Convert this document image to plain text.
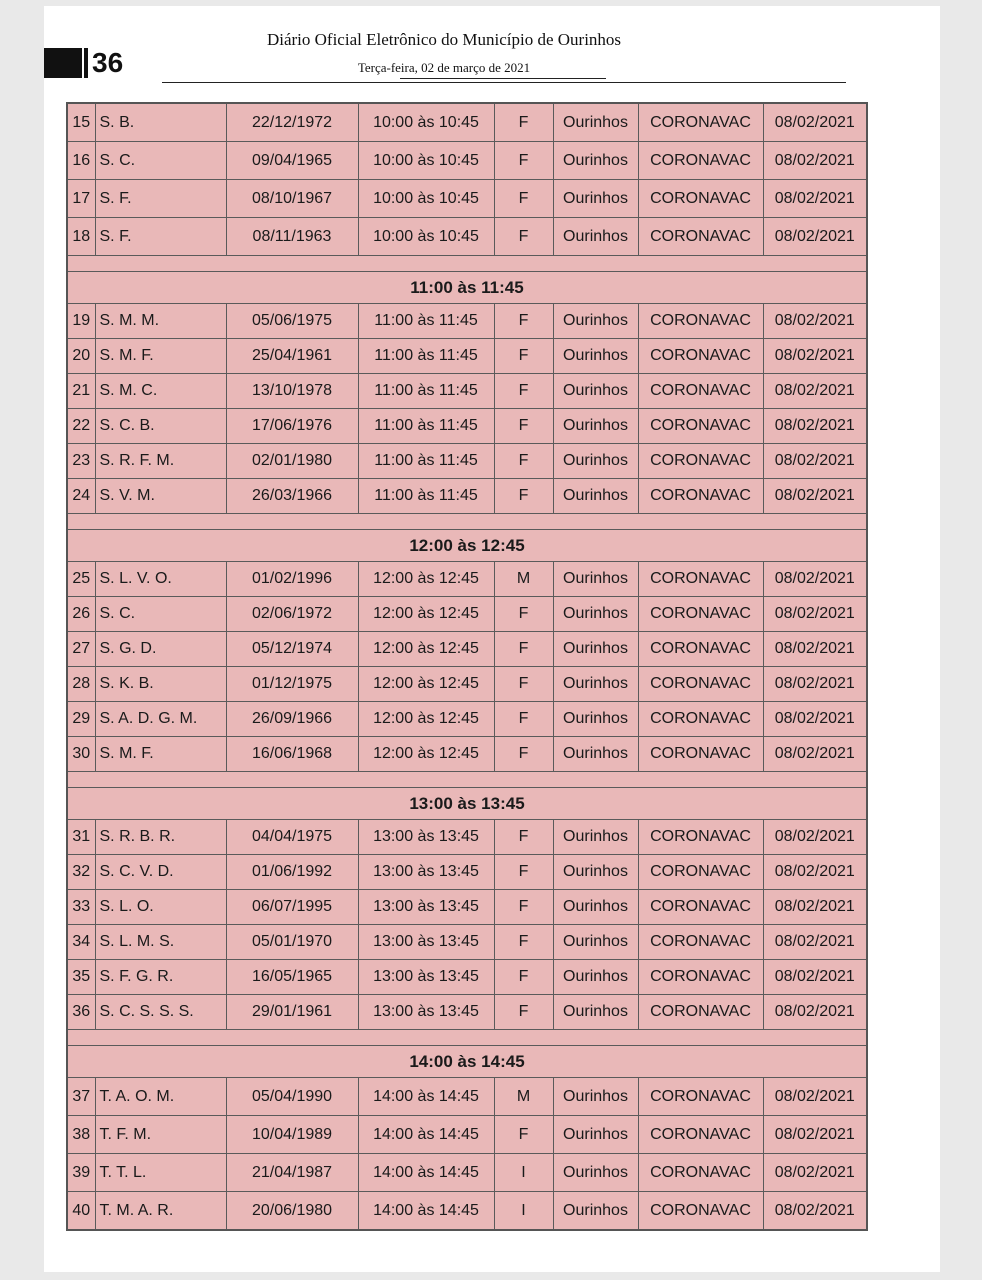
36
Diário Oficial Eletrônico do Município de Ourinhos
Terça-feira, 02 de março de 2021
15	S. B.	22/12/1972	10:00 às 10:45	F	Ourinhos	CORONAVAC	08/02/2021
16	S. C.	09/04/1965	10:00 às 10:45	F	Ourinhos	CORONAVAC	08/02/2021
17	S. F.	08/10/1967	10:00 às 10:45	F	Ourinhos	CORONAVAC	08/02/2021
18	S. F.	08/11/1963	10:00 às 10:45	F	Ourinhos	CORONAVAC	08/02/2021

11:00 às 11:45							
19	S. M. M.	05/06/1975	11:00 às 11:45	F	Ourinhos	CORONAVAC	08/02/2021
20	S. M. F.	25/04/1961	11:00 às 11:45	F	Ourinhos	CORONAVAC	08/02/2021
21	S. M. C.	13/10/1978	11:00 às 11:45	F	Ourinhos	CORONAVAC	08/02/2021
22	S. C. B.	17/06/1976	11:00 às 11:45	F	Ourinhos	CORONAVAC	08/02/2021
23	S. R. F. M.	02/01/1980	11:00 às 11:45	F	Ourinhos	CORONAVAC	08/02/2021
24	S. V. M.	26/03/1966	11:00 às 11:45	F	Ourinhos	CORONAVAC	08/02/2021

12:00 às 12:45							
25	S. L. V. O.	01/02/1996	12:00 às 12:45	M	Ourinhos	CORONAVAC	08/02/2021
26	S. C.	02/06/1972	12:00 às 12:45	F	Ourinhos	CORONAVAC	08/02/2021
27	S. G. D.	05/12/1974	12:00 às 12:45	F	Ourinhos	CORONAVAC	08/02/2021
28	S. K. B.	01/12/1975	12:00 às 12:45	F	Ourinhos	CORONAVAC	08/02/2021
29	S. A. D. G. M.	26/09/1966	12:00 às 12:45	F	Ourinhos	CORONAVAC	08/02/2021
30	S. M. F.	16/06/1968	12:00 às 12:45	F	Ourinhos	CORONAVAC	08/02/2021

13:00 às 13:45							
31	S. R. B. R.	04/04/1975	13:00 às 13:45	F	Ourinhos	CORONAVAC	08/02/2021
32	S. C. V. D.	01/06/1992	13:00 às 13:45	F	Ourinhos	CORONAVAC	08/02/2021
33	S. L. O.	06/07/1995	13:00 às 13:45	F	Ourinhos	CORONAVAC	08/02/2021
34	S. L. M. S.	05/01/1970	13:00 às 13:45	F	Ourinhos	CORONAVAC	08/02/2021
35	S. F. G. R.	16/05/1965	13:00 às 13:45	F	Ourinhos	CORONAVAC	08/02/2021
36	S. C. S. S. S.	29/01/1961	13:00 às 13:45	F	Ourinhos	CORONAVAC	08/02/2021

14:00 às 14:45							
37	T. A. O. M.	05/04/1990	14:00 às 14:45	M	Ourinhos	CORONAVAC	08/02/2021
38	T. F. M.	10/04/1989	14:00 às 14:45	F	Ourinhos	CORONAVAC	08/02/2021
39	T. T. L.	21/04/1987	14:00 às 14:45	I	Ourinhos	CORONAVAC	08/02/2021
40	T. M. A. R.	20/06/1980	14:00 às 14:45	I	Ourinhos	CORONAVAC	08/02/2021
